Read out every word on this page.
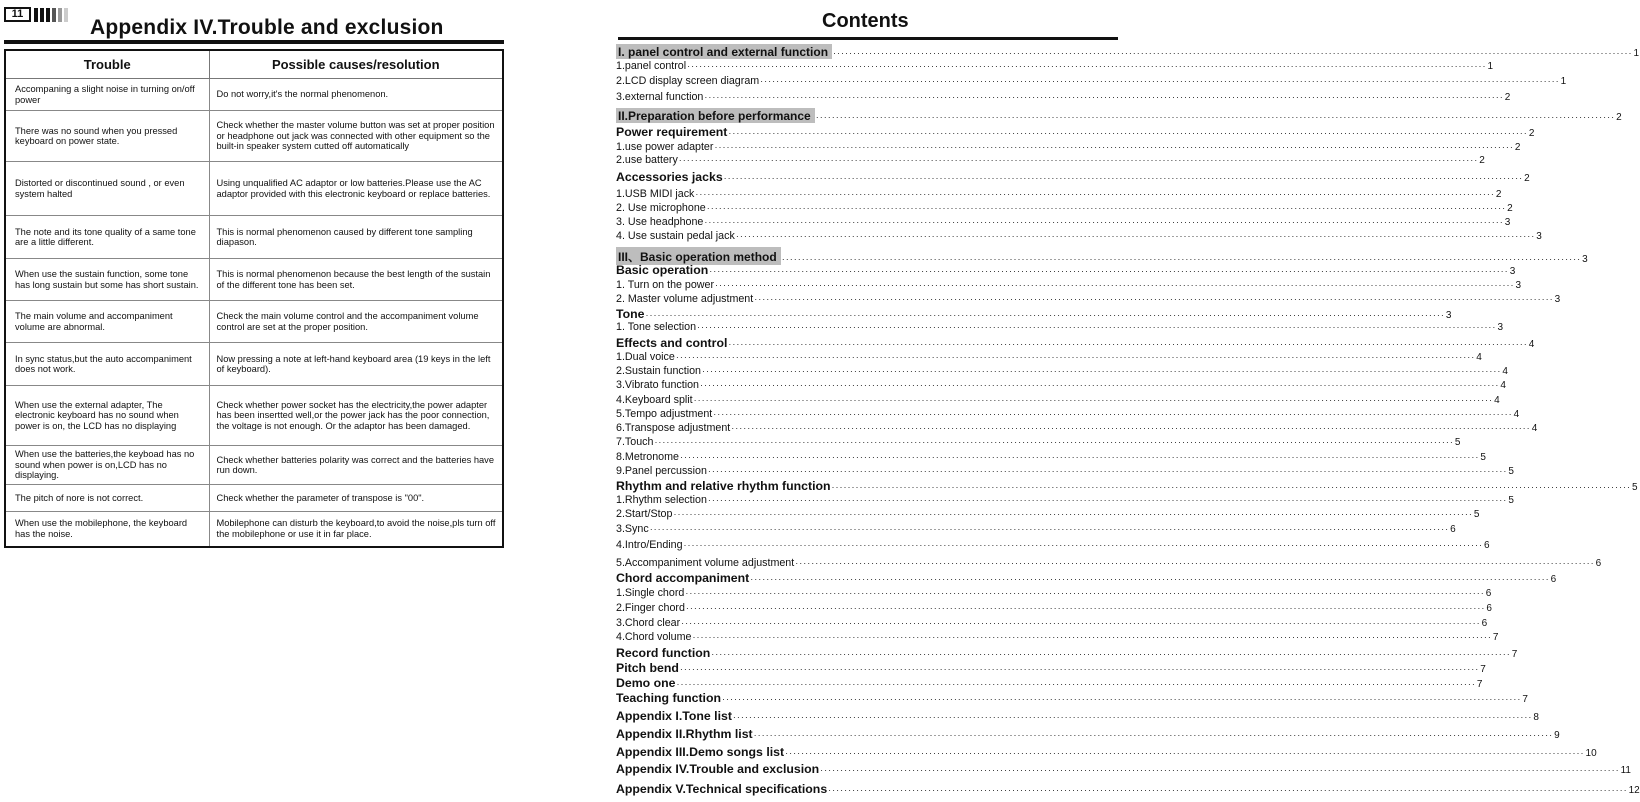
11
Appendix IV.Trouble and exclusion
Trouble	Possible causes/resolution
Accompaning a slight noise in turning on/off power	Do not worry,it's the normal phenomenon.
There was no sound when you pressed keyboard on power state.	Check whether the master volume button was set at proper position or headphone out jack was connected with other equipment so the built-in speaker system cutted off automatically
Distorted or discontinued sound , or even system halted	Using unqualified AC adaptor or low batteries.Please use the AC adaptor provided with this electronic keyboard or replace batteries.
The note and its tone quality of a same tone are a little different.	This is normal phenomenon caused by different tone sampling diapason.
When use the sustain function, some tone has long sustain but some has short sustain.	This is normal phenomenon because the best length of the sustain of the different tone has been set.
The main volume and accompaniment volume are abnormal.	Check the main volume control and the accompaniment volume control are set at the proper position.
In sync status,but the auto accompaniment does not work.	Now pressing a note at left-hand keyboard area (19 keys in the left of keyboard).
When use the external adapter, The electronic keyboard has no sound when power is on, the LCD has no displaying	Check whether power socket has the electricity,the power adapter has been insertted well,or the power jack has the poor connection, the voltage is not enough. Or the adaptor has been damaged.
When use the batteries,the keyboad has no sound when power is on,LCD has no displaying.	Check whether batteries polarity was correct and the batteries have run down.
The pitch of nore is not correct.	Check whether the parameter of transpose is "00".
When use the mobilephone, the keyboard has the noise.	Mobilephone can disturb the keyboard,to avoid the noise,pls turn off the mobilephone or use it in far place.
Contents
I. panel control and external function ········································································································································································································ 1
1.panel control ········································································································································································································ 1
2.LCD display screen diagram ········································································································································································································ 1
3.external function ········································································································································································································ 2
II.Preparation before performance ········································································································································································································ 2
Power requirement ········································································································································································································ 2
1.use power adapter ········································································································································································································ 2
2.use battery ········································································································································································································ 2
Accessories jacks ········································································································································································································ 2
1.USB MIDI jack ········································································································································································································ 2
2. Use microphone ········································································································································································································ 2
3. Use headphone ········································································································································································································ 3
4. Use sustain pedal jack ········································································································································································································ 3
III、Basic operation method ········································································································································································································ 3
Basic operation ········································································································································································································ 3
1. Turn on the power ········································································································································································································ 3
2. Master volume adjustment ········································································································································································································ 3
Tone ········································································································································································································ 3
1. Tone selection ········································································································································································································ 3
Effects and control ········································································································································································································ 4
1.Dual voice ········································································································································································································ 4
2.Sustain function ········································································································································································································ 4
3.Vibrato function ········································································································································································································ 4
4.Keyboard split ········································································································································································································ 4
5.Tempo adjustment ········································································································································································································ 4
6.Transpose adjustment ········································································································································································································ 4
7.Touch ········································································································································································································ 5
8.Metronome ········································································································································································································ 5
9.Panel percussion ········································································································································································································ 5
Rhythm and relative rhythm function ········································································································································································································ 5
1.Rhythm selection ········································································································································································································ 5
2.Start/Stop ········································································································································································································ 5
3.Sync ········································································································································································································ 6
4.Intro/Ending ········································································································································································································ 6
5.Accompaniment volume adjustment ········································································································································································································ 6
Chord accompaniment ········································································································································································································ 6
1.Single chord ········································································································································································································ 6
2.Finger chord ········································································································································································································ 6
3.Chord clear ········································································································································································································ 6
4.Chord volume ········································································································································································································ 7
Record function ········································································································································································································ 7
Pitch bend ········································································································································································································ 7
Demo one ········································································································································································································ 7
Teaching function ········································································································································································································ 7
Appendix I.Tone list ········································································································································································································ 8
Appendix II.Rhythm list ········································································································································································································ 9
Appendix III.Demo songs list ········································································································································································································ 10
Appendix IV.Trouble and exclusion ········································································································································································································ 11
Appendix V.Technical specifications ········································································································································································································ 12
